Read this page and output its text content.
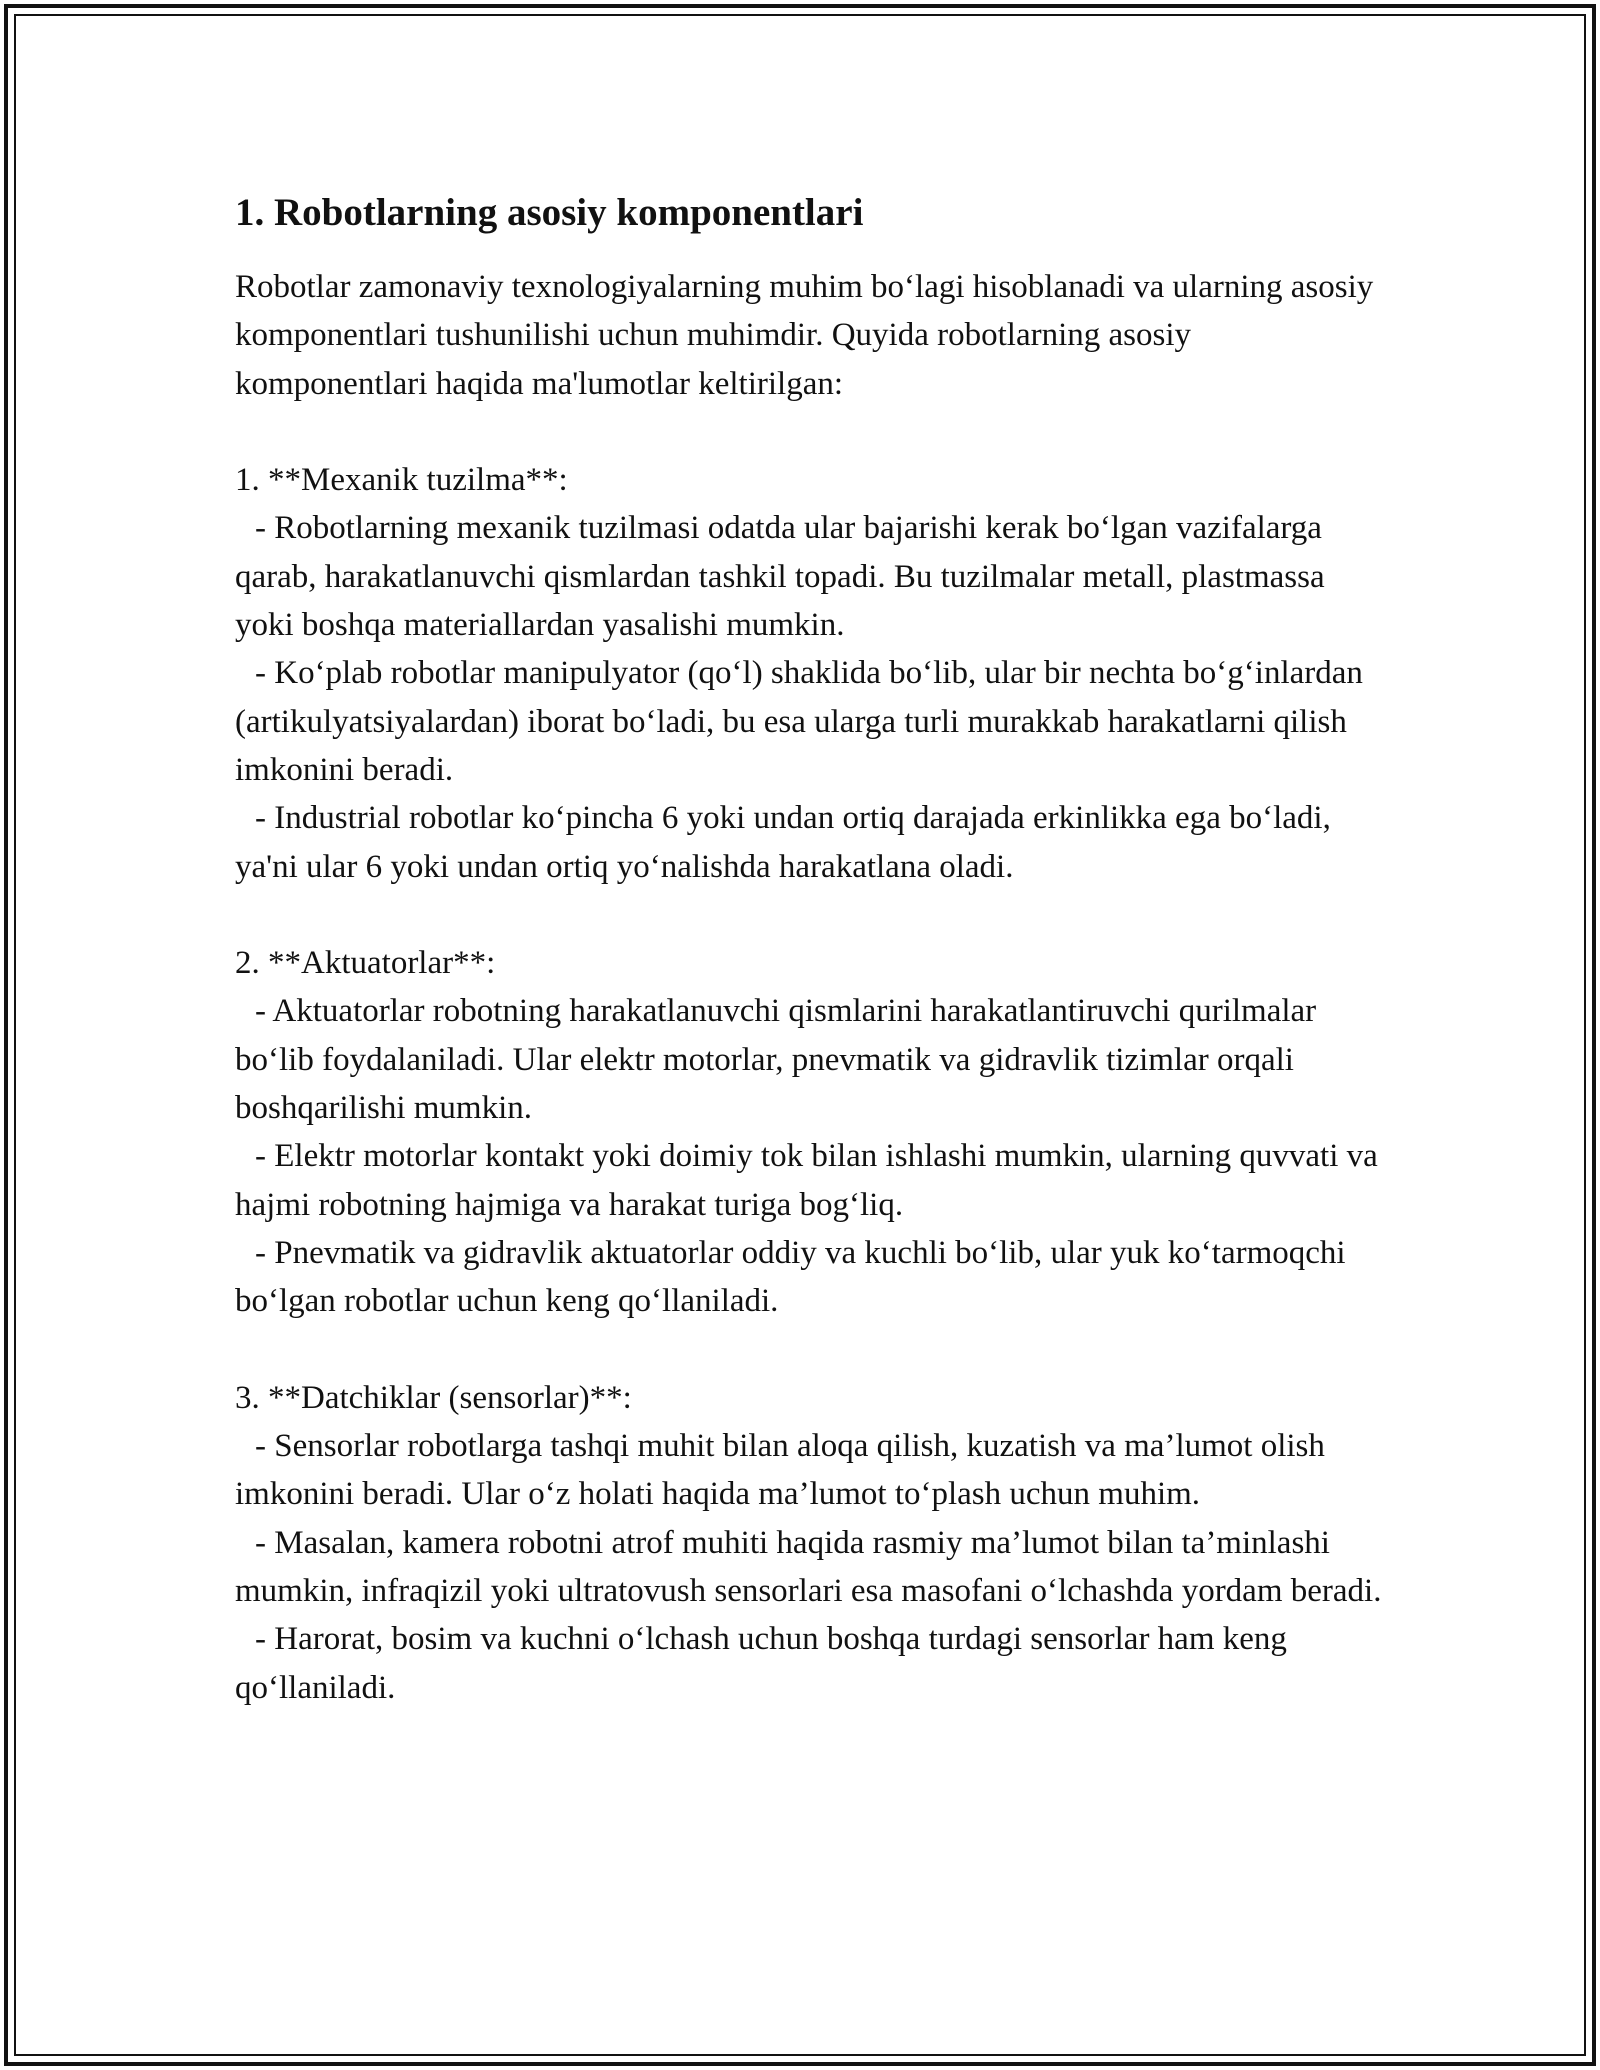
1. Robotlarning asosiy komponentlari

Robotlar zamonaviy texnologiyalarning muhim bo‘lagi hisoblanadi va ularning asosiy komponentlari tushunilishi uchun muhimdir. Quyida robotlarning asosiy komponentlari haqida ma'lumotlar keltirilgan:

1. **Mexanik tuzilma**:

- Robotlarning mexanik tuzilmasi odatda ular bajarishi kerak bo‘lgan vazifalarga qarab, harakatlanuvchi qismlardan tashkil topadi. Bu tuzilmalar metall, plastmassa yoki boshqa materiallardan yasalishi mumkin.

- Ko‘plab robotlar manipulyator (qo‘l) shaklida bo‘lib, ular bir nechta bo‘g‘inlardan (artikulyatsiyalardan) iborat bo‘ladi, bu esa ularga turli murakkab harakatlarni qilish imkonini beradi.

- Industrial robotlar ko‘pincha 6 yoki undan ortiq darajada erkinlikka ega bo‘ladi, ya'ni ular 6 yoki undan ortiq yo‘nalishda harakatlana oladi.

2. **Aktuatorlar**:

- Aktuatorlar robotning harakatlanuvchi qismlarini harakatlantiruvchi qurilmalar bo‘lib foydalaniladi. Ular elektr motorlar, pnevmatik va gidravlik tizimlar orqali boshqarilishi mumkin.

- Elektr motorlar kontakt yoki doimiy tok bilan ishlashi mumkin, ularning quvvati va hajmi robotning hajmiga va harakat turiga bog‘liq.

- Pnevmatik va gidravlik aktuatorlar oddiy va kuchli bo‘lib, ular yuk ko‘tarmoqchi bo‘lgan robotlar uchun keng qo‘llaniladi.

3. **Datchiklar (sensorlar)**:

- Sensorlar robotlarga tashqi muhit bilan aloqa qilish, kuzatish va ma’lumot olish imkonini beradi. Ular o‘z holati haqida ma’lumot to‘plash uchun muhim.

- Masalan, kamera robotni atrof muhiti haqida rasmiy ma’lumot bilan ta’minlashi mumkin, infraqizil yoki ultratovush sensorlari esa masofani o‘lchashda yordam beradi.

- Harorat, bosim va kuchni o‘lchash uchun boshqa turdagi sensorlar ham keng qo‘llaniladi.
